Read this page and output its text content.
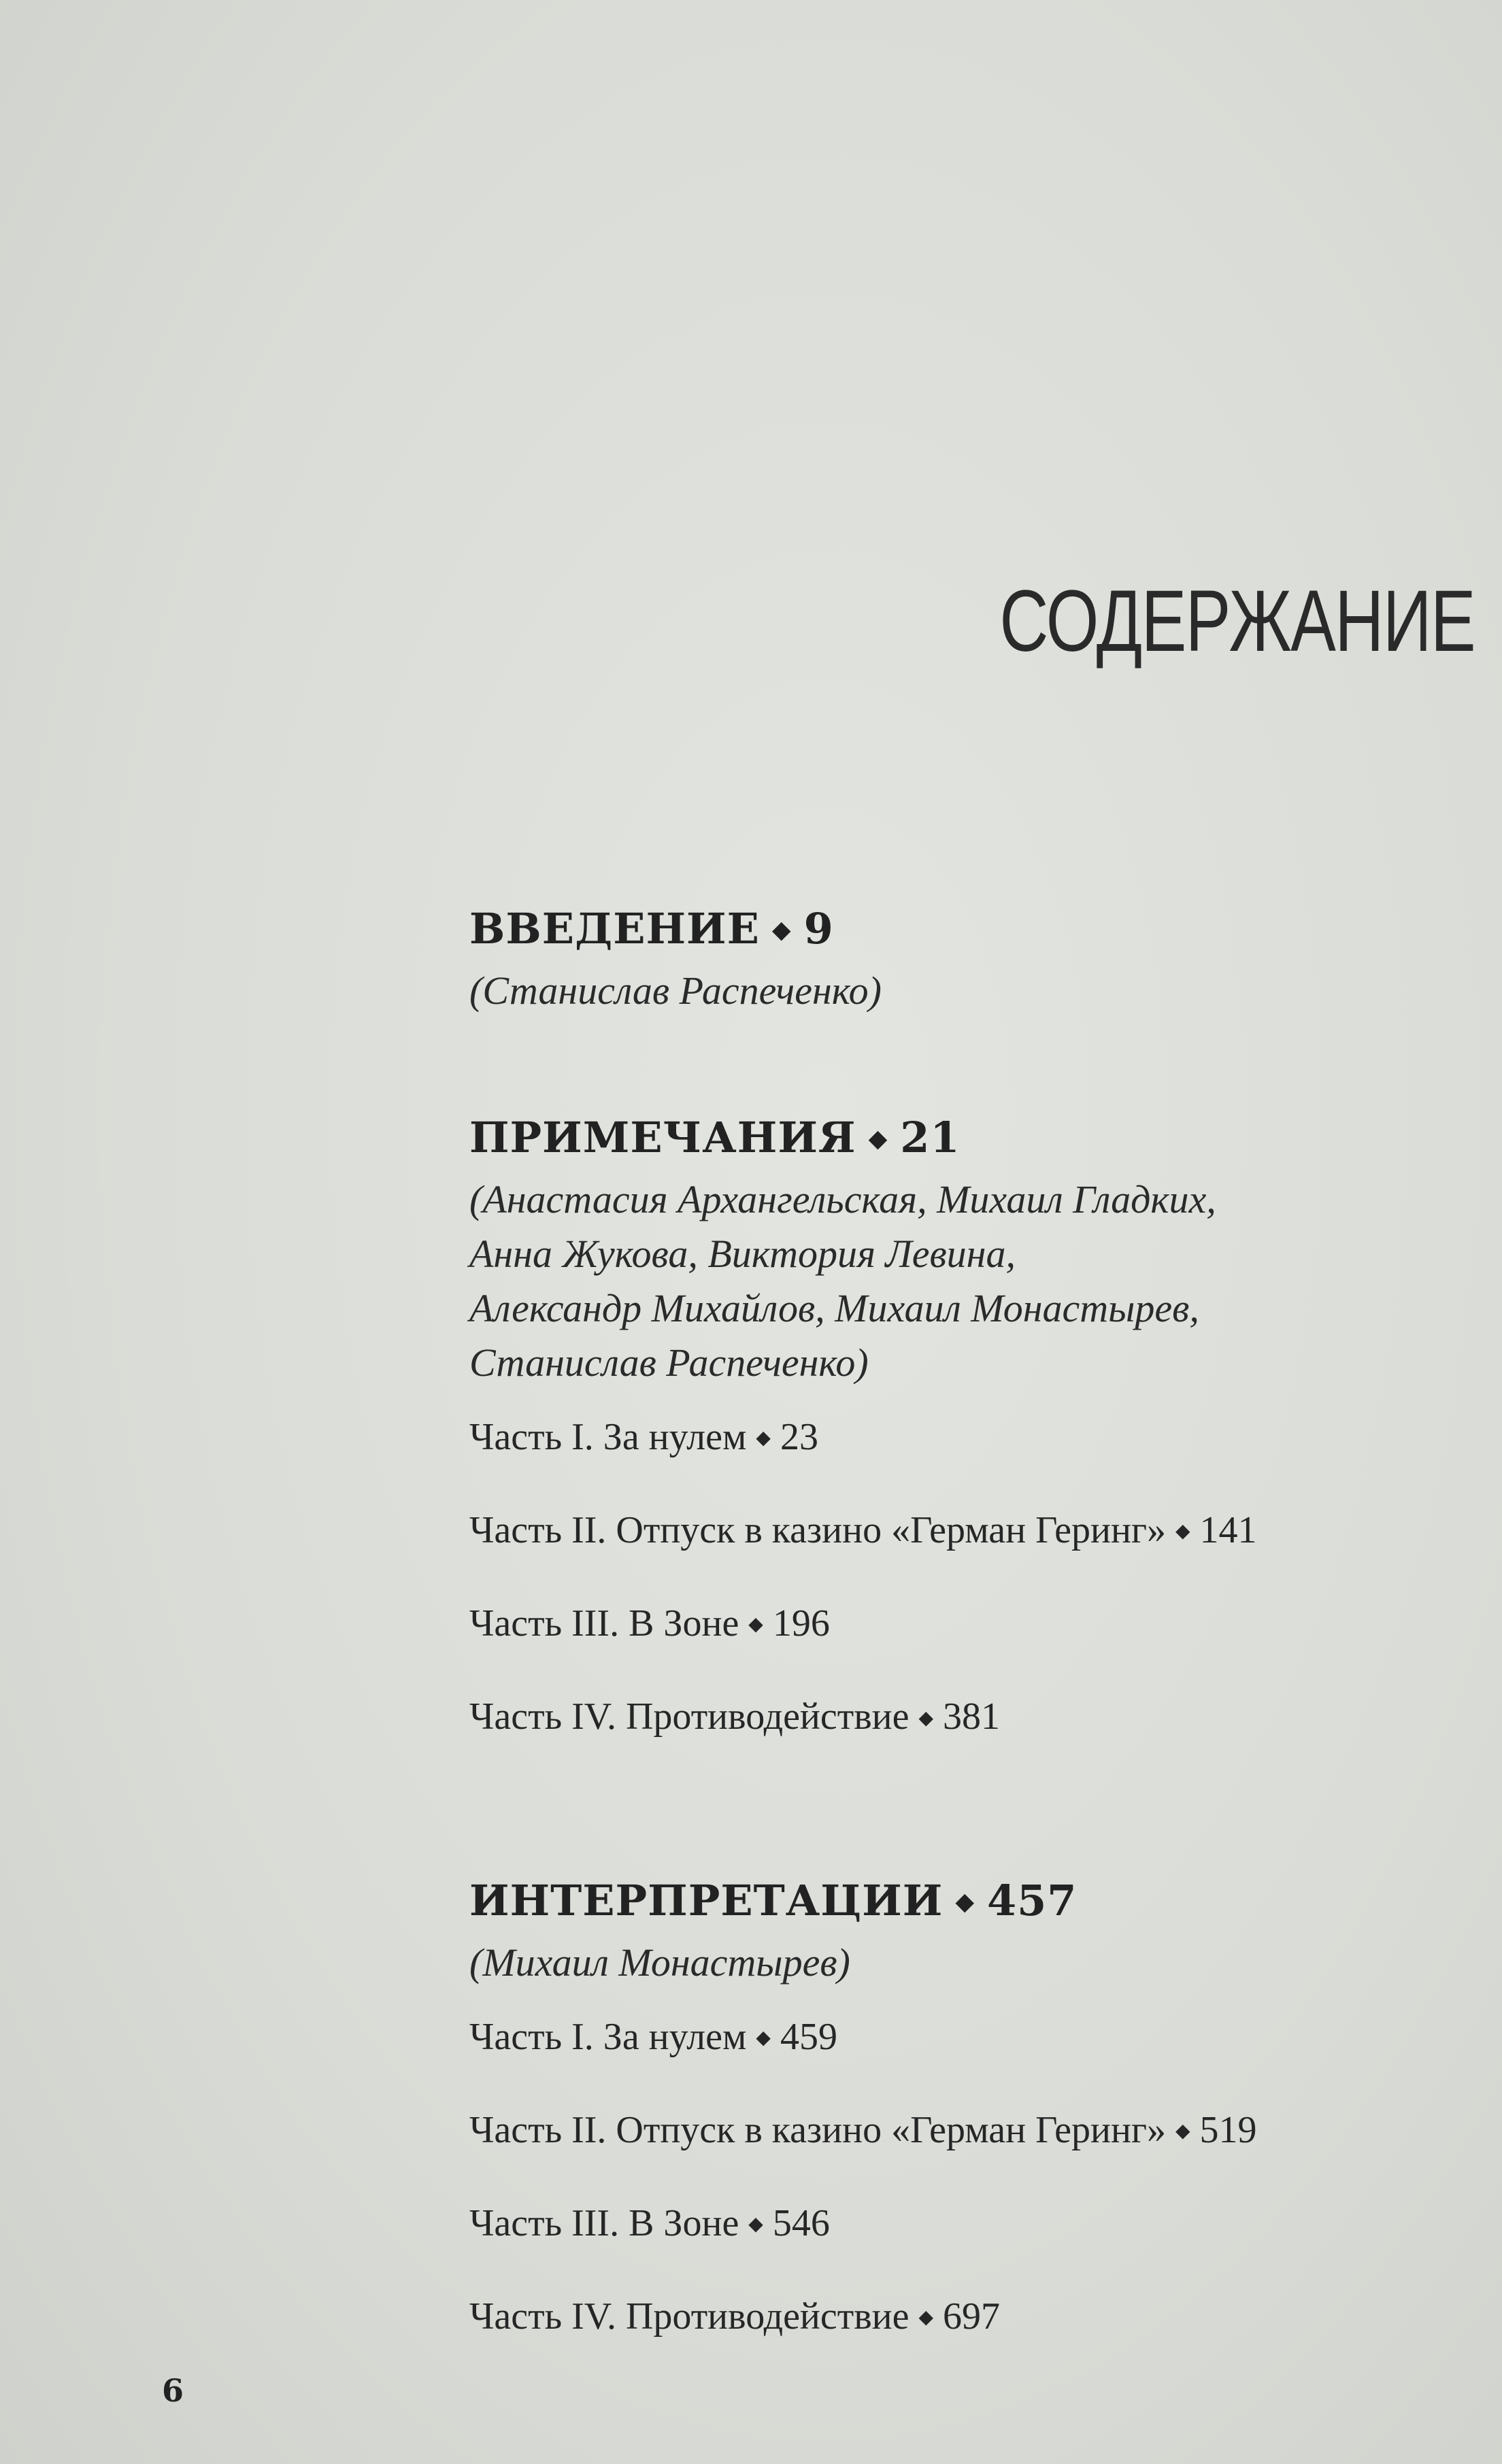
СОДЕРЖАНИЕ
ВВЕДЕНИЕ ◆ 9
(Станислав Распеченко)
ПРИМЕЧАНИЯ ◆ 21
(Анастасия Архангельская, Михаил Гладких,
Анна Жукова, Виктория Левина,
Александр Михайлов, Михаил Монастырев,
Станислав Распеченко)
Часть I. За нулем ◆ 23
Часть II. Отпуск в казино «Герман Геринг» ◆ 141
Часть III. В Зоне ◆ 196
Часть IV. Противодействие ◆ 381
ИНТЕРПРЕТАЦИИ ◆ 457
(Михаил Монастырев)
Часть I. За нулем ◆ 459
Часть II. Отпуск в казино «Герман Геринг» ◆ 519
Часть III. В Зоне ◆ 546
Часть IV. Противодействие ◆ 697
6
